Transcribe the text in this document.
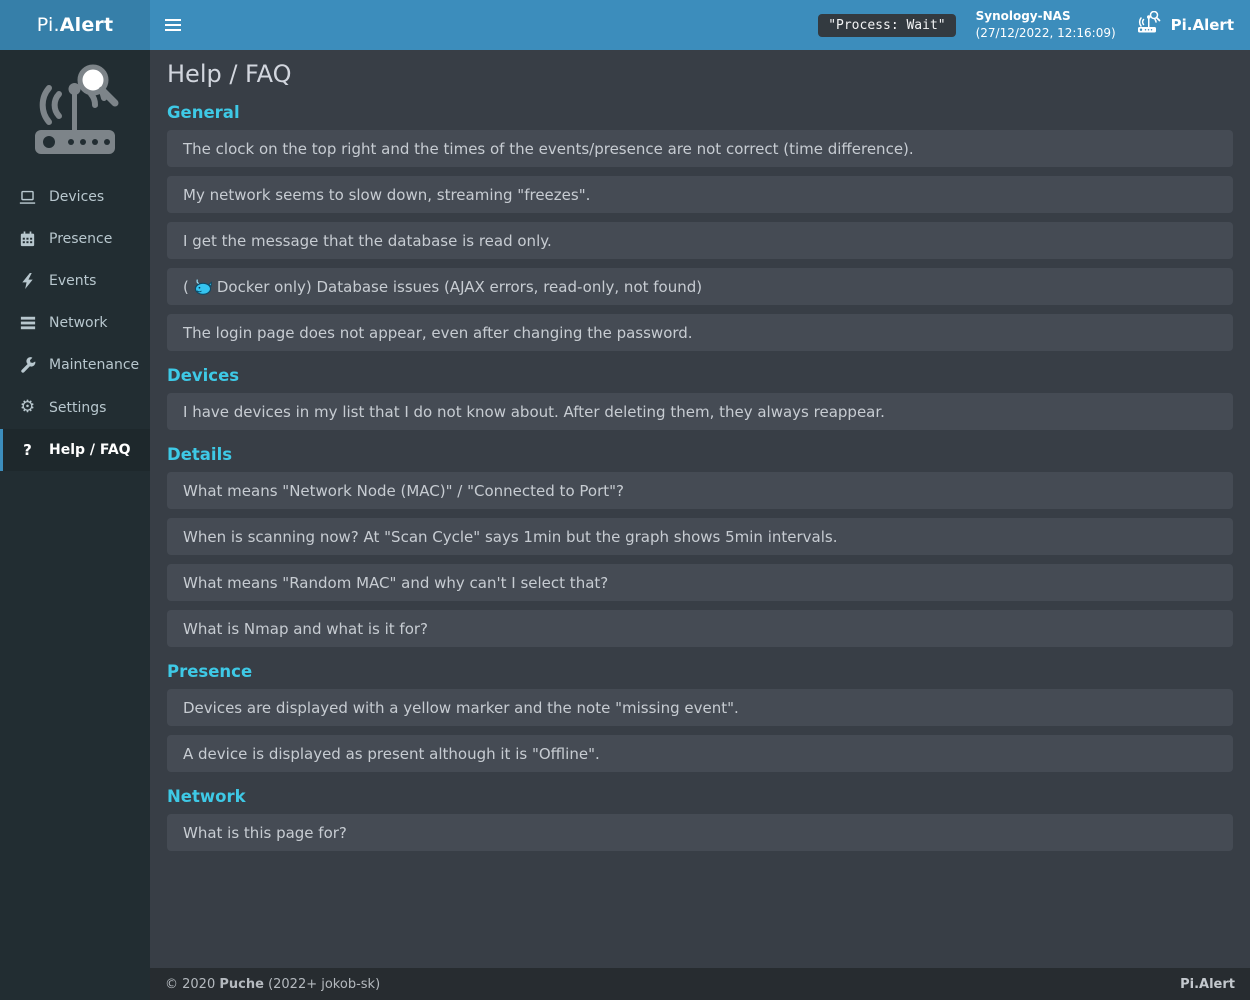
Pi. Alert	"Process: Wait"
Synology-NAS
(27/12/2022, 12:16:09)	Pi.Alert
Devices
Presence
Events
Network
Maintenance
⚙ Settings
? Help / FAQ
Help / FAQ
General
The clock on the top right and the times of the events/presence are not correct (time difference).
My network seems to slow down, streaming "freezes".
I get the message that the database is read only.
( Docker only) Database issues (AJAX errors, read-only, not found)
The login page does not appear, even after changing the password.
Devices
I have devices in my list that I do not know about. After deleting them, they always reappear.
Details
What means "Network Node (MAC)" / "Connected to Port"?
When is scanning now? At "Scan Cycle" says 1min but the graph shows 5min intervals.
What means "Random MAC" and why can't I select that?
What is Nmap and what is it for?
Presence
Devices are displayed with a yellow marker and the note "missing event".
A device is displayed as present although it is "Offline".
Network
What is this page for?
© 2020 Puche (2022+ jokob-sk)	Pi.Alert
